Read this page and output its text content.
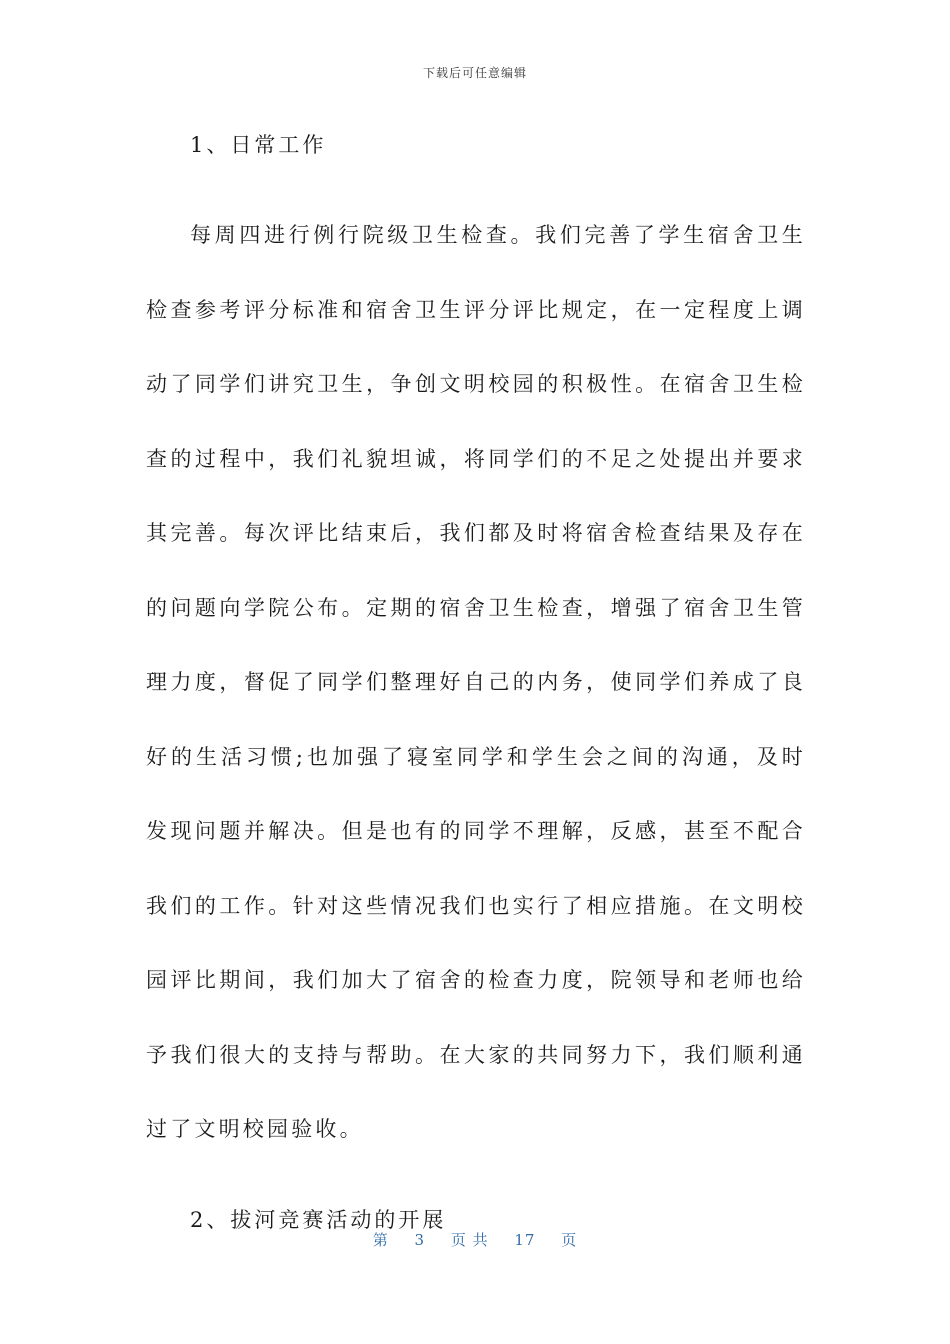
下载后可任意编辑
1、日常工作

每周四进行例行院级卫生检查。我们完善了学生宿舍卫生检查参考评分标准和宿舍卫生评分评比规定，在一定程度上调动了同学们讲究卫生，争创文明校园的积极性。在宿舍卫生检查的过程中，我们礼貌坦诚，将同学们的不足之处提出并要求其完善。每次评比结束后，我们都及时将宿舍检查结果及存在的问题向学院公布。定期的宿舍卫生检查，增强了宿舍卫生管理力度，督促了同学们整理好自己的内务，使同学们养成了良好的生活习惯;也加强了寝室同学和学生会之间的沟通，及时发现问题并解决。但是也有的同学不理解，反感，甚至不配合我们的工作。针对这些情况我们也实行了相应措施。在文明校园评比期间，我们加大了宿舍的检查力度，院领导和老师也给予我们很大的支持与帮助。在大家的共同努力下，我们顺利通过了文明校园验收。

2、拔河竞赛活动的开展
第 3 页 共 17 页
